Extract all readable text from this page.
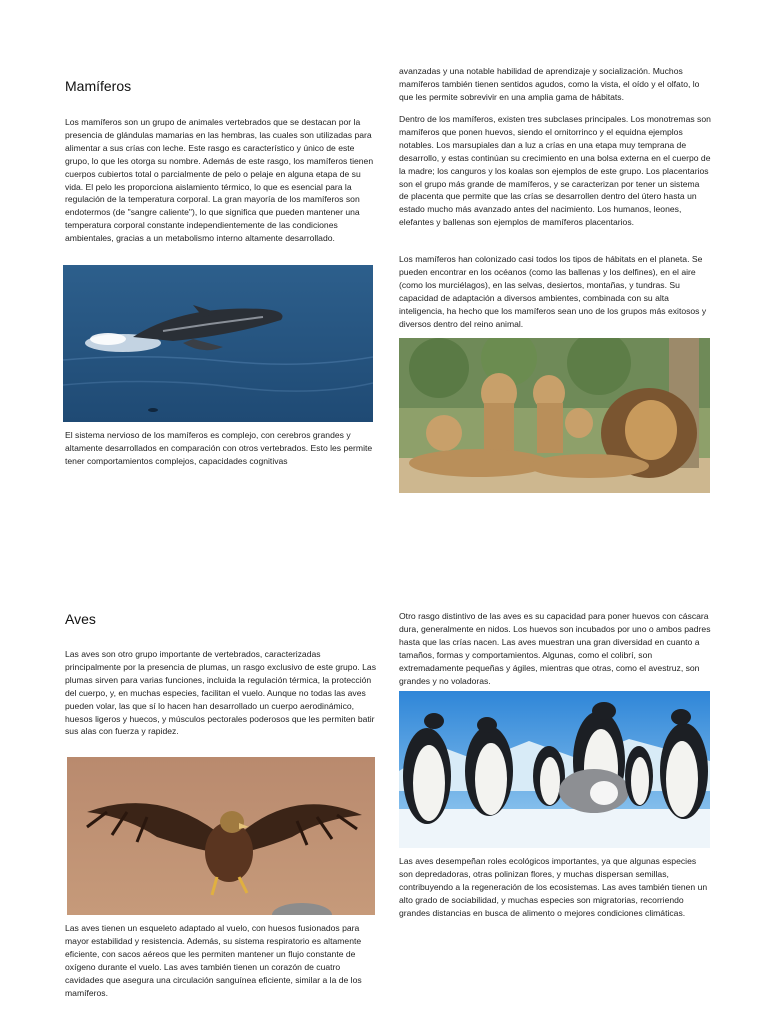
Mamíferos

Los mamíferos son un grupo de animales vertebrados que se destacan por la presencia de glándulas mamarias en las hembras, las cuales son utilizadas para alimentar a sus crías con leche. Este rasgo es característico y único de este grupo, lo que les otorga su nombre. Además de este rasgo, los mamíferos tienen cuerpos cubiertos total o parcialmente de pelo o pelaje en alguna etapa de su vida. El pelo les proporciona aislamiento térmico, lo que es esencial para la regulación de la temperatura corporal. La gran mayoría de los mamíferos son endotermos (de "sangre caliente"), lo que significa que pueden mantener una temperatura corporal constante independientemente de las condiciones ambientales, gracias a un metabolismo interno altamente desarrollado.

El sistema nervioso de los mamíferos es complejo, con cerebros grandes y altamente desarrollados en comparación con otros vertebrados. Esto les permite tener comportamientos complejos, capacidades cognitivas

avanzadas y una notable habilidad de aprendizaje y socialización. Muchos mamíferos también tienen sentidos agudos, como la vista, el oído y el olfato, lo que les permite sobrevivir en una amplia gama de hábitats.

Dentro de los mamíferos, existen tres subclases principales. Los monotremas son mamíferos que ponen huevos, siendo el ornitorrinco y el equidna ejemplos notables. Los marsupiales dan a luz a crías en una etapa muy temprana de desarrollo, y estas continúan su crecimiento en una bolsa externa en el cuerpo de la madre; los canguros y los koalas son ejemplos de este grupo. Los placentarios son el grupo más grande de mamíferos, y se caracterizan por tener un sistema de placenta que permite que las crías se desarrollen dentro del útero hasta un estado mucho más avanzado antes del nacimiento. Los humanos, leones, elefantes y ballenas son ejemplos de mamíferos placentarios.

Los mamíferos han colonizado casi todos los tipos de hábitats en el planeta. Se pueden encontrar en los océanos (como las ballenas y los delfines), en el aire (como los murciélagos), en las selvas, desiertos, montañas, y tundras. Su capacidad de adaptación a diversos ambientes, combinada con su alta inteligencia, ha hecho que los mamíferos sean uno de los grupos más exitosos y diversos dentro del reino animal.

Aves

Las aves son otro grupo importante de vertebrados, caracterizadas principalmente por la presencia de plumas, un rasgo exclusivo de este grupo. Las plumas sirven para varias funciones, incluida la regulación térmica, la protección del cuerpo, y, en muchas especies, facilitan el vuelo. Aunque no todas las aves pueden volar, las que sí lo hacen han desarrollado un cuerpo aerodinámico, huesos ligeros y huecos, y músculos pectorales poderosos que les permiten batir sus alas con fuerza y rapidez.

Las aves tienen un esqueleto adaptado al vuelo, con huesos fusionados para mayor estabilidad y resistencia. Además, su sistema respiratorio es altamente eficiente, con sacos aéreos que les permiten mantener un flujo constante de oxígeno durante el vuelo. Las aves también tienen un corazón de cuatro cavidades que asegura una circulación sanguínea eficiente, similar a la de los mamíferos.

Otro rasgo distintivo de las aves es su capacidad para poner huevos con cáscara dura, generalmente en nidos. Los huevos son incubados por uno o ambos padres hasta que las crías nacen. Las aves muestran una gran diversidad en cuanto a tamaños, formas y comportamientos. Algunas, como el colibrí, son extremadamente pequeñas y ágiles, mientras que otras, como el avestruz, son grandes y no voladoras.

Las aves desempeñan roles ecológicos importantes, ya que algunas especies son depredadoras, otras polinizan flores, y muchas dispersan semillas, contribuyendo a la regeneración de los ecosistemas. Las aves también tienen un alto grado de sociabilidad, y muchas especies son migratorias, recorriendo grandes distancias en busca de alimento o mejores condiciones climáticas.
